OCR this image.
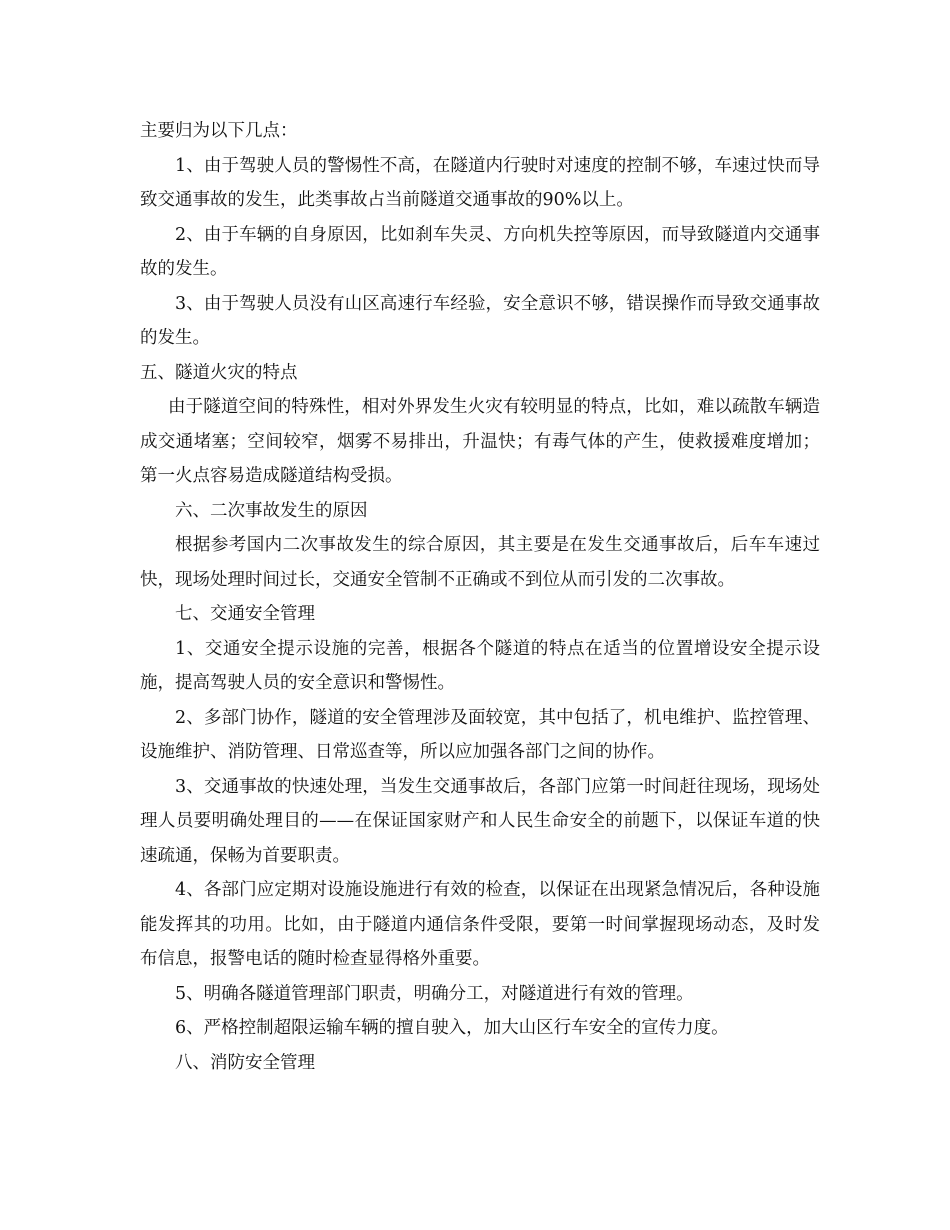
主要归为以下几点：

1、由于驾驶人员的警惕性不高，在隧道内行驶时对速度的控制不够，车速过快而导致交通事故的发生，此类事故占当前隧道交通事故的90%以上。

2、由于车辆的自身原因，比如刹车失灵、方向机失控等原因，而导致隧道内交通事故的发生。

3、由于驾驶人员没有山区高速行车经验，安全意识不够，错误操作而导致交通事故的发生。

五、隧道火灾的特点

由于隧道空间的特殊性，相对外界发生火灾有较明显的特点，比如，难以疏散车辆造成交通堵塞；空间较窄，烟雾不易排出，升温快；有毒气体的产生，使救援难度增加；第一火点容易造成隧道结构受损。

六、二次事故发生的原因

根据参考国内二次事故发生的综合原因，其主要是在发生交通事故后，后车车速过快，现场处理时间过长，交通安全管制不正确或不到位从而引发的二次事故。

七、交通安全管理

1、交通安全提示设施的完善，根据各个隧道的特点在适当的位置增设安全提示设施，提高驾驶人员的安全意识和警惕性。

2、多部门协作，隧道的安全管理涉及面较宽，其中包括了，机电维护、监控管理、设施维护、消防管理、日常巡查等，所以应加强各部门之间的协作。

3、交通事故的快速处理，当发生交通事故后，各部门应第一时间赶往现场，现场处理人员要明确处理目的——在保证国家财产和人民生命安全的前题下，以保证车道的快速疏通，保畅为首要职责。

4、各部门应定期对设施设施进行有效的检查，以保证在出现紧急情况后，各种设施能发挥其的功用。比如，由于隧道内通信条件受限，要第一时间掌握现场动态，及时发布信息，报警电话的随时检查显得格外重要。

5、明确各隧道管理部门职责，明确分工，对隧道进行有效的管理。

6、严格控制超限运输车辆的擅自驶入，加大山区行车安全的宣传力度。

八、消防安全管理
